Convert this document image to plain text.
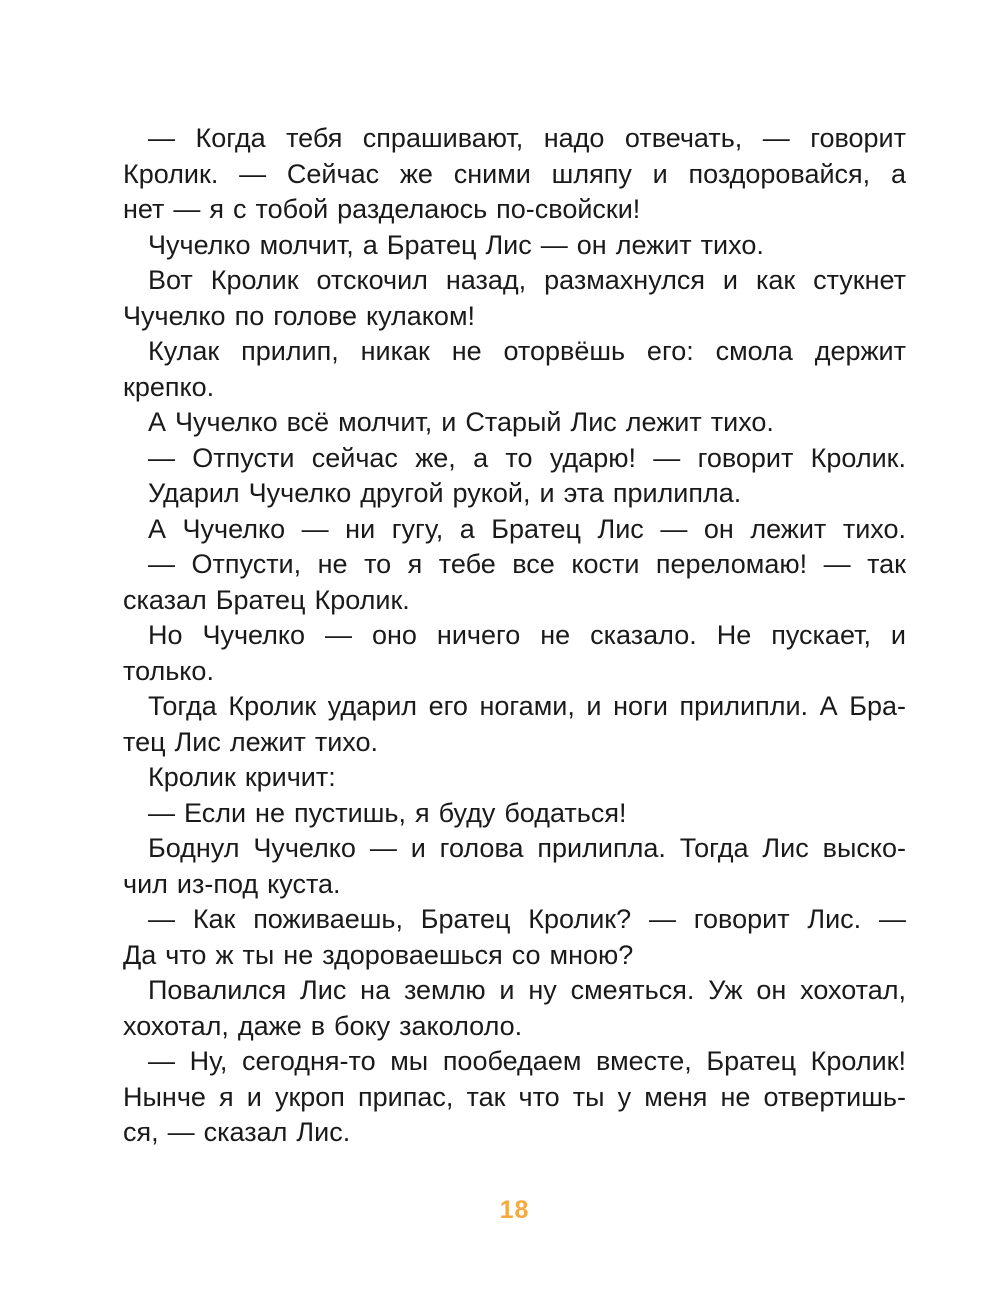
— Когда тебя спрашивают, надо отвечать, — говорит
Кролик. — Сейчас же сними шляпу и поздоровайся, а
нет — я с тобой разделаюсь по-свойски!
Чучелко молчит, а Братец Лис — он лежит тихо.
Вот Кролик отскочил назад, размахнулся и как стукнет
Чучелко по голове кулаком!
Кулак прилип, никак не оторвёшь его: смола держит
крепко.
А Чучелко всё молчит, и Старый Лис лежит тихо.
— Отпусти сейчас же, а то ударю! — говорит Кролик.
Ударил Чучелко другой рукой, и эта прилипла.
А Чучелко — ни гугу, а Братец Лис — он лежит тихо.
— Отпусти, не то я тебе все кости переломаю! — так
сказал Братец Кролик.
Но Чучелко — оно ничего не сказало. Не пускает, и
только.
Тогда Кролик ударил его ногами, и ноги прилипли. А Бра-
тец Лис лежит тихо.
Кролик кричит:
— Если не пустишь, я буду бодаться!
Боднул Чучелко — и голова прилипла. Тогда Лис выско-
чил из-под куста.
— Как поживаешь, Братец Кролик? — говорит Лис. —
Да что ж ты не здороваешься со мною?
Повалился Лис на землю и ну смеяться. Уж он хохотал,
хохотал, даже в боку закололо.
— Ну, сегодня-то мы пообедаем вместе, Братец Кролик!
Нынче я и укроп припас, так что ты у меня не отвертишь-
ся, — сказал Лис.
18
